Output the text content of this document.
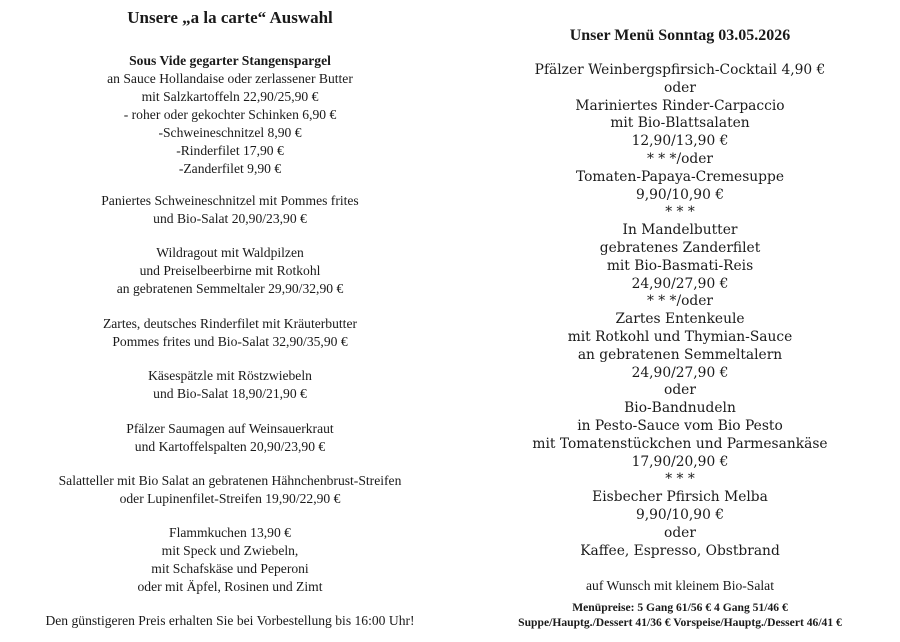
Unsere „a la carte“ Auswahl
Sous Vide gegarter Stangenspargel
an Sauce Hollandaise oder zerlassener Butter
mit Salzkartoffeln 22,90/25,90 €
- roher oder gekochter Schinken 6,90 €
-Schweineschnitzel 8,90 €
-Rinderfilet 17,90 €
-Zanderfilet 9,90 €
Paniertes Schweineschnitzel mit Pommes frites
und Bio-Salat 20,90/23,90 €
Wildragout mit Waldpilzen
und Preiselbeerbirne mit Rotkohl
an gebratenen Semmeltaler 29,90/32,90 €
Zartes, deutsches Rinderfilet mit Kräuterbutter
Pommes frites und Bio-Salat 32,90/35,90 €
Käsespätzle mit Röstzwiebeln
und Bio-Salat 18,90/21,90 €
Pfälzer Saumagen auf Weinsauerkraut
und Kartoffelspalten 20,90/23,90 €
Salatteller mit Bio Salat an gebratenen Hähnchenbrust-Streifen
oder Lupinenfilet-Streifen 19,90/22,90 €
Flammkuchen 13,90 €
mit Speck und Zwiebeln,
mit Schafskäse und Peperoni
oder mit Äpfel, Rosinen und Zimt
Den günstigeren Preis erhalten Sie bei Vorbestellung bis 16:00 Uhr!
Unser Menü Sonntag 03.05.2026
Pfälzer Weinbergspfirsich-Cocktail 4,90 €
oder
Mariniertes Rinder-Carpaccio
mit Bio-Blattsalaten
12,90/13,90 €
* * */oder
Tomaten-Papaya-Cremesuppe
9,90/10,90 €
* * *
In Mandelbutter
gebratenes Zanderfilet
mit Bio-Basmati-Reis
24,90/27,90 €
* * */oder
Zartes Entenkeule
mit Rotkohl und Thymian-Sauce
an gebratenen Semmeltalern
24,90/27,90 €
oder
Bio-Bandnudeln
in Pesto-Sauce vom Bio Pesto
mit Tomatenstückchen und Parmesankäse
17,90/20,90 €
* * *
Eisbecher Pfirsich Melba
9,90/10,90 €
oder
Kaffee, Espresso, Obstbrand
auf Wunsch mit kleinem Bio-Salat
Menüpreise: 5 Gang 61/56 € 4 Gang 51/46 €
Suppe/Hauptg./Dessert 41/36 € Vorspeise/Hauptg./Dessert 46/41 €
